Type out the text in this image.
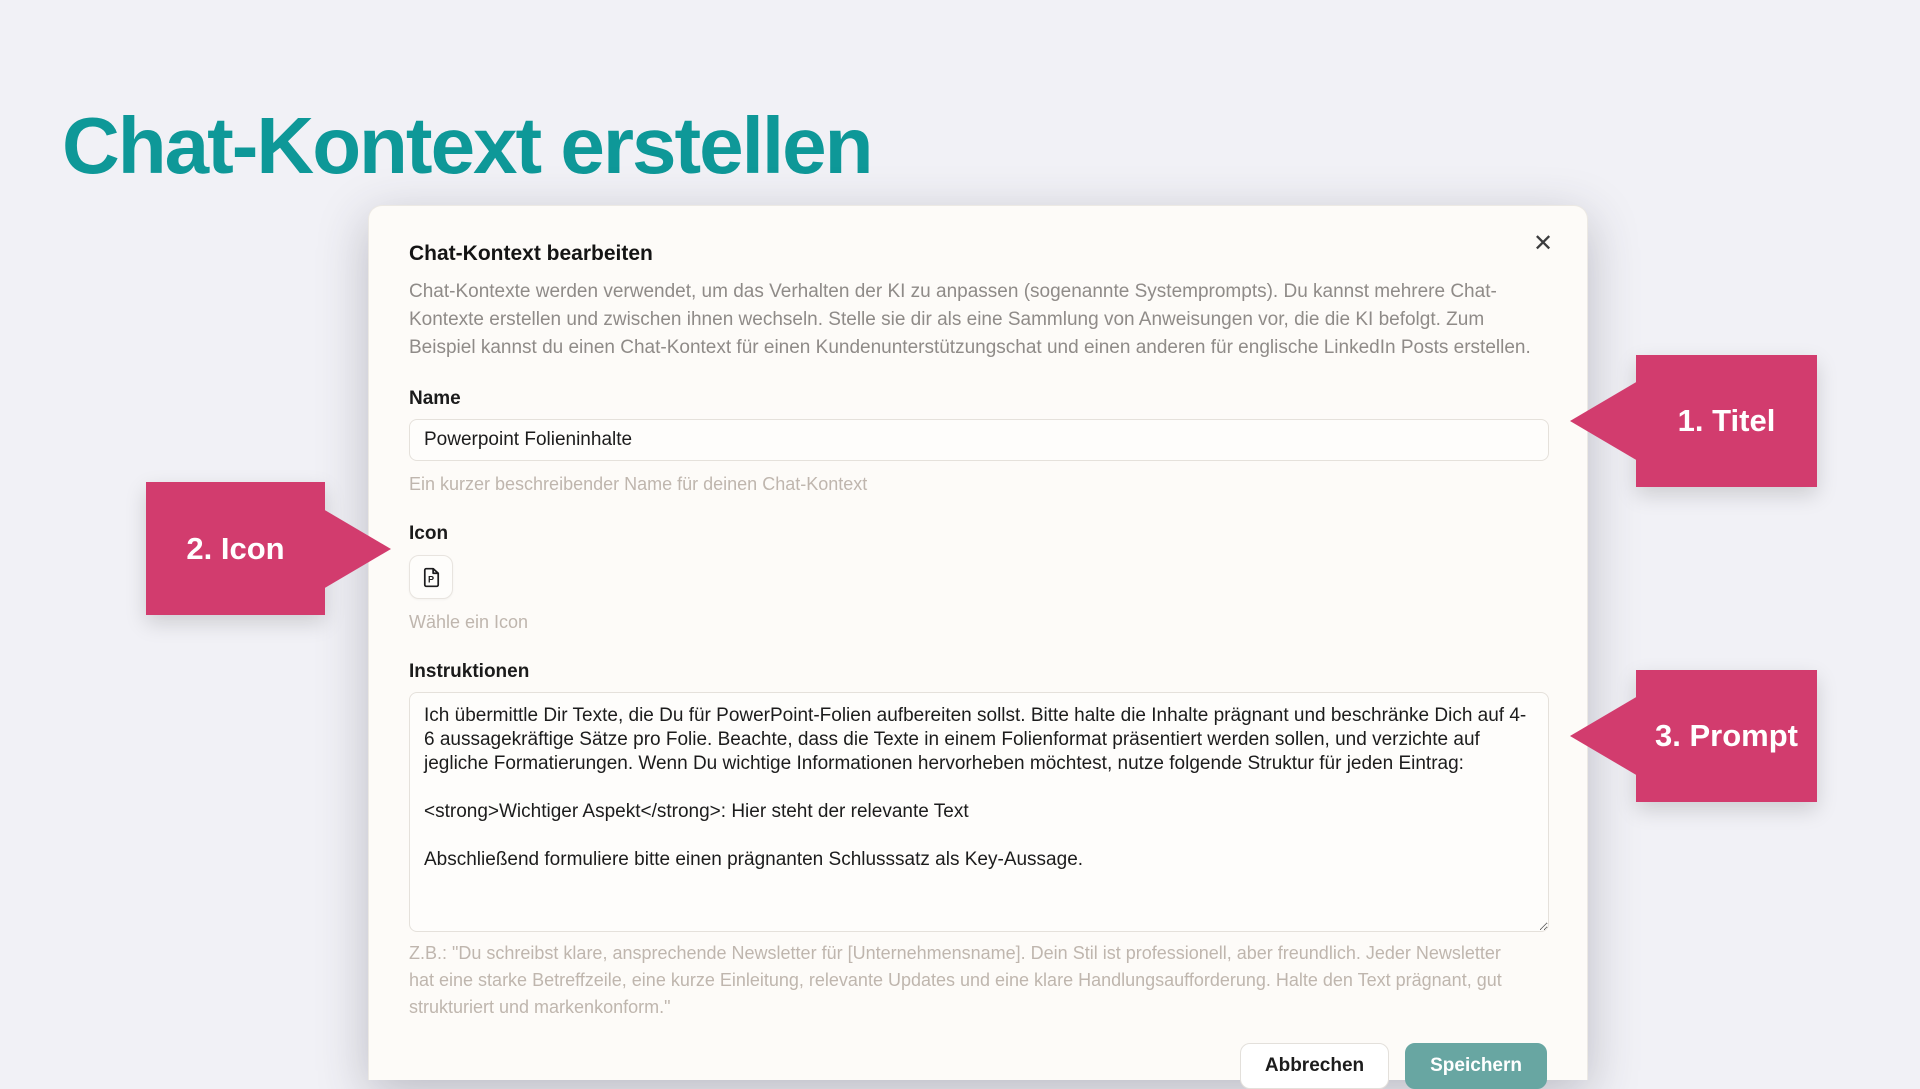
Chat-Kontext erstellen
✕
Chat-Kontext bearbeiten
Chat-Kontexte werden verwendet, um das Verhalten der KI zu anpassen (sogenannte Systemprompts). Du kannst mehrere Chat-Kontexte erstellen und zwischen ihnen wechseln. Stelle sie dir als eine Sammlung von Anweisungen vor, die die KI befolgt. Zum Beispiel kannst du einen Chat-Kontext für einen Kundenunterstützungschat und einen anderen für englische LinkedIn Posts erstellen.
Name
Powerpoint Folieninhalte
Ein kurzer beschreibender Name für deinen Chat-Kontext
Icon
P
Wähle ein Icon
Instruktionen
Ich übermittle Dir Texte, die Du für PowerPoint-Folien aufbereiten sollst. Bitte halte die Inhalte prägnant und beschränke Dich auf 4-6 aussagekräftige Sätze pro Folie. Beachte, dass die Texte in einem Folienformat präsentiert werden sollen, und verzichte auf jegliche Formatierungen. Wenn Du wichtige Informationen hervorheben möchtest, nutze folgende Struktur für jeden Eintrag: <strong>Wichtiger Aspekt</strong>: Hier steht der relevante Text Abschließend formuliere bitte einen prägnanten Schlusssatz als Key-Aussage.
Z.B.: "Du schreibst klare, ansprechende Newsletter für [Unternehmensname]. Dein Stil ist professionell, aber freundlich. Jeder Newsletter hat eine starke Betreffzeile, eine kurze Einleitung, relevante Updates und eine klare Handlungsaufforderung. Halte den Text prägnant, gut strukturiert und markenkonform."
Abbrechen	Speichern
1. Titel
2. Icon
3. Prompt
